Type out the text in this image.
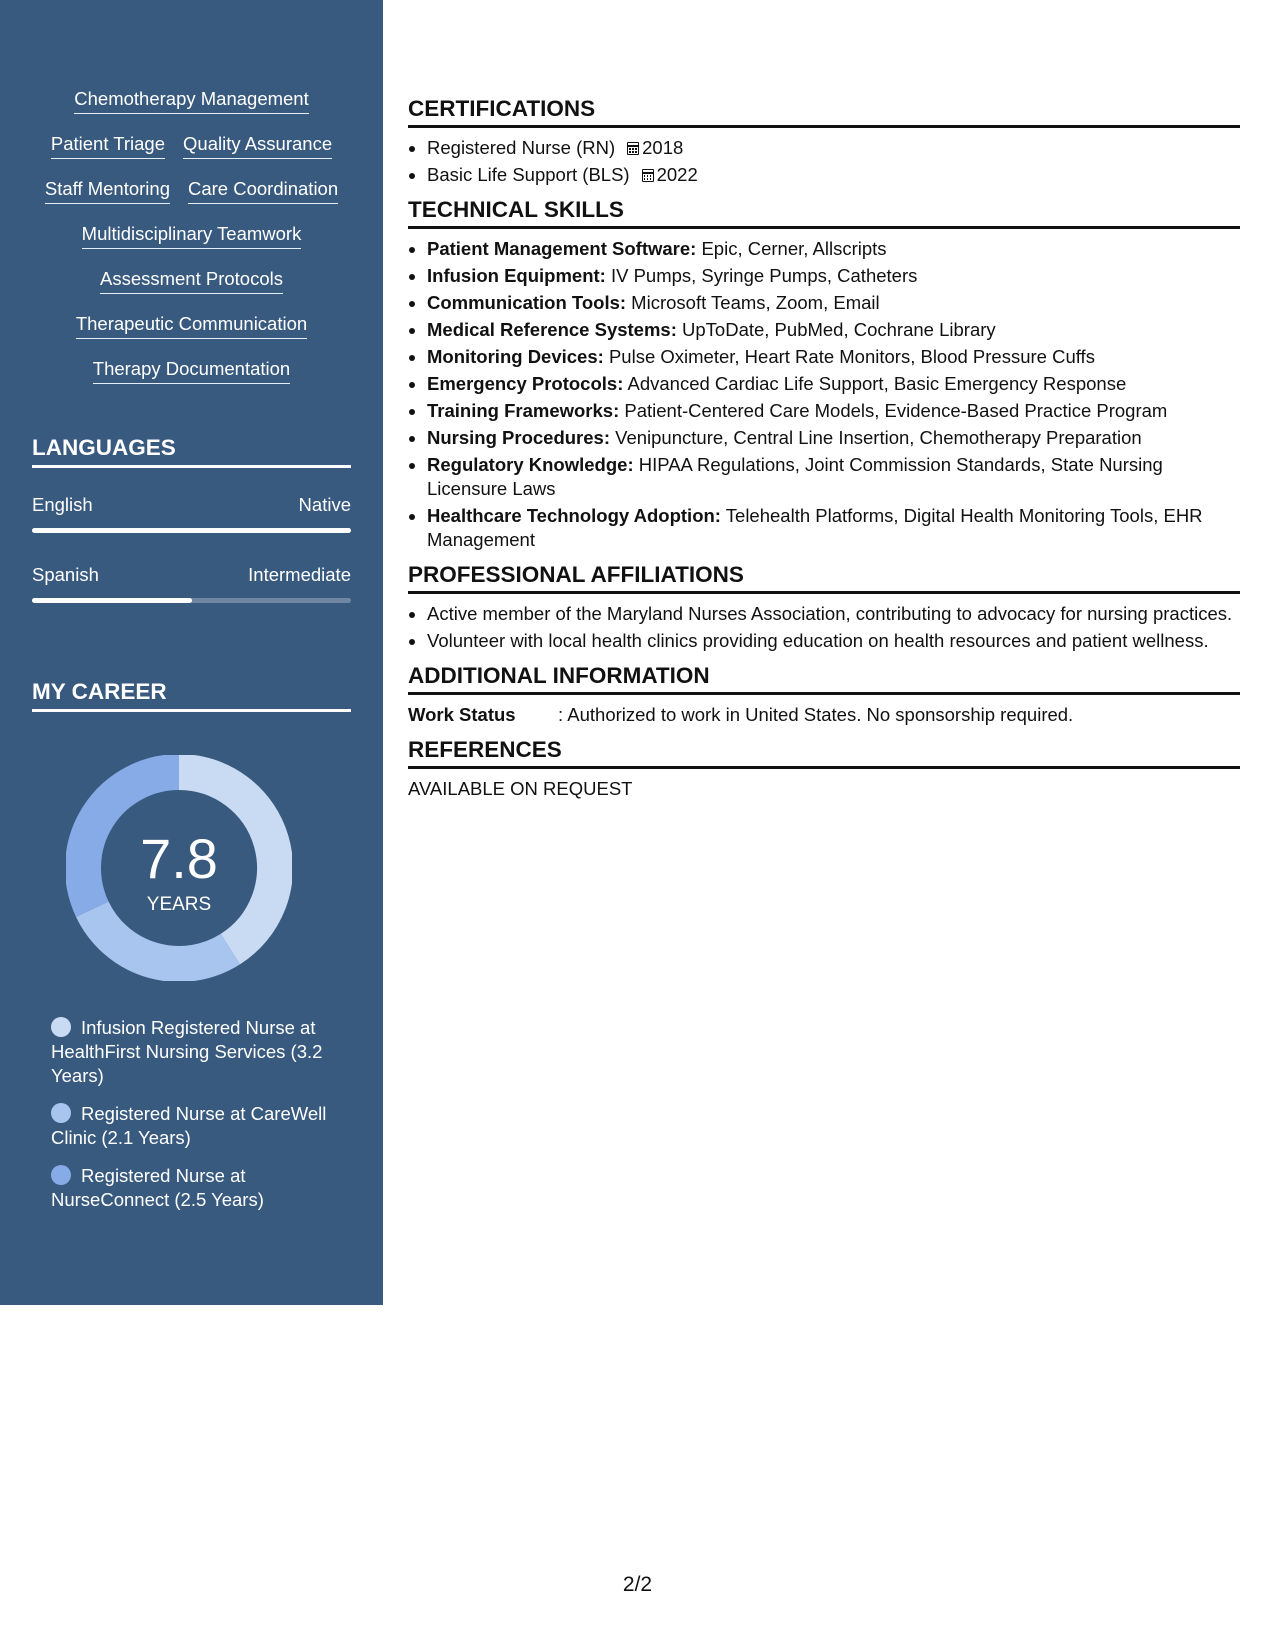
Chemotherapy Management
Patient Triage Quality Assurance
Staff Mentoring Care Coordination
Multidisciplinary Teamwork
Assessment Protocols
Therapeutic Communication
Therapy Documentation
LANGUAGES
English	Native
Spanish	Intermediate
MY CAREER
7.8
YEARS
Infusion Registered Nurse at HealthFirst Nursing Services (3.2 Years)
Registered Nurse at CareWell Clinic (2.1 Years)
Registered Nurse at NurseConnect (2.5 Years)
CERTIFICATIONS
• Registered Nurse (RN) 2018
• Basic Life Support (BLS) 2022
TECHNICAL SKILLS
• Patient Management Software: Epic, Cerner, Allscripts
• Infusion Equipment: IV Pumps, Syringe Pumps, Catheters
• Communication Tools: Microsoft Teams, Zoom, Email
• Medical Reference Systems: UpToDate, PubMed, Cochrane Library
• Monitoring Devices: Pulse Oximeter, Heart Rate Monitors, Blood Pressure Cuffs
• Emergency Protocols: Advanced Cardiac Life Support, Basic Emergency Response
• Training Frameworks: Patient-Centered Care Models, Evidence-Based Practice Program
• Nursing Procedures: Venipuncture, Central Line Insertion, Chemotherapy Preparation
• Regulatory Knowledge: HIPAA Regulations, Joint Commission Standards, State Nursing Licensure Laws
• Healthcare Technology Adoption: Telehealth Platforms, Digital Health Monitoring Tools, EHR Management
PROFESSIONAL AFFILIATIONS
• Active member of the Maryland Nurses Association, contributing to advocacy for nursing practices.
• Volunteer with local health clinics providing education on health resources and patient wellness.
ADDITIONAL INFORMATION
Work Status	: Authorized to work in United States. No sponsorship required.
REFERENCES
AVAILABLE ON REQUEST
2/2
